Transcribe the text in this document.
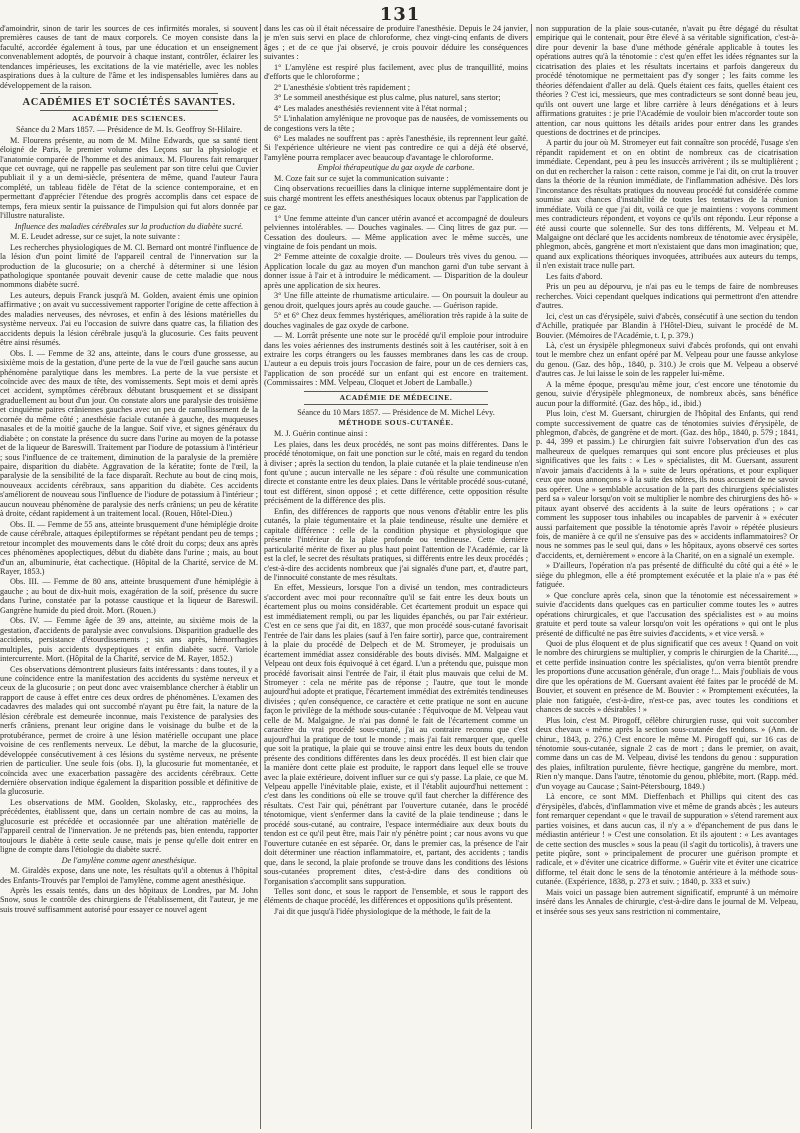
131

d'amoindrir, sinon de tarir les sources de ces infirmités morales, si souvent premières causes de tant de maux corporels. Ce moyen consiste dans la faculté, accordée également à tous, par une éducation et un enseignement convenablement adoptés, de pourvoir à chaque instant, contrôler, éclairer les tendances impérieuses, les excitations de la vie matérielle, avec les nobles aspirations dues à la culture de l'âme et les indispensables lumières dans au développement de la raison.

ACADÉMIES ET SOCIÉTÉS SAVANTES.
ACADÉMIE DES SCIENCES.

Séance du 2 Mars 1857. — Présidence de M. Is. Geoffroy St-Hilaire.

M. Flourens présente, au nom de M. Milne Edwards, que sa santé tient éloigné de Paris, le premier volume des Leçons sur la physiologie et l'anatomie comparée de l'homme et des animaux. M. Flourens fait remarquer que cet ouvrage, qui ne rappelle pas seulement par son titre celui que Cuvier publiait il y a un demi-siècle, présentera de même, quand l'auteur l'aura complété, un tableau fidèle de l'état de la science contemporaine, et en permettant d'apprécier l'étendue des progrès accomplis dans cet espace de temps, fera mieux sentir la puissance de l'impulsion qui fut alors donnée par l'illustre naturaliste.

Influence des maladies cérébrales sur la production du diabète sucré.

M. E. Leudet adresse, sur ce sujet, la note suivante :

Les recherches physiologiques de M. Cl. Bernard ont montré l'influence de la lésion d'un point limité de l'appareil central de l'innervation sur la production de la glucosurie; on a cherché à déterminer si une lésion pathologique spontanée pouvait devenir cause de cette maladie que nous nommons diabète sucré.

Les auteurs, depuis Franck jusqu'à M. Golden, avaient émis une opinion affirmative ; on avait vu successivement rapporter l'origine de cette affection à des maladies nerveuses, des névroses, et enfin à des lésions matérielles du système nerveux. J'ai eu l'occasion de suivre dans quatre cas, la filiation des accidents depuis la lésion cérébrale jusqu'à la glucosurie. Ces faits peuvent être ainsi résumés.

Obs. I. — Femme de 32 ans, atteinte, dans le cours d'une grossesse, au sixième mois de la gestation, d'une perte de la vue de l'œil gauche sans aucun phénomène paralytique dans les membres. La perte de la vue persiste et coïncide avec des maux de tête, des vomissements. Sept mois et demi après cet accident, symptômes cérébraux débutant brusquement et se dissipant graduellement au bout d'un jour. On constate alors une paralysie des troisième et cinquième paires crâniennes gauches avec un peu de ramollissement de la cornée du même côté ; anesthésie faciale cutanée à gauche, des muqueuses nasales et de la moitié gauche de la langue. Soif vive, et signes généraux du diabète ; on constate la présence du sucre dans l'urine au moyen de la potasse et de la liqueur de Bareswill. Traitement par l'iodure de potassium à l'intérieur ; sous l'influence de ce traitement, diminution de la paralysie de la première paire, disparition du diabète. Aggravation de la kératite; fonte de l'œil, la paralysie de la sensibilité de la face disparaît. Rechute au bout de cinq mois, nouveaux accidents cérébraux, sans apparition du diabète. Ces accidents s'améliorent de nouveau sous l'influence de l'iodure de potassium à l'intérieur ; aucun nouveau phénomène de paralysie des nerfs crâniens; un peu de kératite à droite, cédant rapidement à un traitement local. (Rouen, Hôtel-Dieu.)

Obs. II. — Femme de 55 ans, atteinte brusquement d'une hémiplégie droite de cause cérébrale, attaques épileptiformes se répétant pendant peu de temps ; retour incomplet des mouvements dans le côté droit du corps; deux ans après ces phénomènes apoplectiques, début du diabète dans l'urine ; mais, au bout d'un an, albuminurie, état cachectique. (Hôpital de la Charité, service de M. Rayer, 1853.)

Obs. III. — Femme de 80 ans, atteinte brusquement d'une hémiplégie à gauche ; au bout de dix-huit mois, exagération de la soif, présence du sucre dans l'urine, constatée par la potasse caustique et la liqueur de Bareswil. Gangrène humide du pied droit. Mort. (Rouen.)

Obs. IV. — Femme âgée de 39 ans, atteinte, au sixième mois de la gestation, d'accidents de paralysie avec convulsions. Disparition graduelle des accidents, persistance d'étourdissements ; six ans après, hémorrhagies multiples, puis accidents dyspeptiques et enfin diabète sucré. Variole intercurrente. Mort. (Hôpital de la Charité, service de M. Rayer, 1852.)

Ces observations démontrent plusieurs faits intéressants : dans toutes, il y a une coïncidence entre la manifestation des accidents du système nerveux et ceux de la glucosurie ; on peut donc avec vraisemblance chercher à établir un rapport de cause à effet entre ces deux ordres de phénomènes. L'examen des cadavres des malades qui ont succombé n'ayant pu être fait, la nature de la lésion cérébrale est demeurée inconnue, mais l'existence de paralysies des nerfs crâniens, prenant leur origine dans le voisinage du bulbe et de la protubérance, permet de croire à une lésion matérielle occupant une place voisine de ces renflements nerveux. Le début, la marche de la glucosurie, développée consécutivement à ces lésions du système nerveux, ne présente rien de particulier. Une seule fois (obs. I), la glucosurie fut momentanée, et coïncida avec une exacerbation passagère des accidents cérébraux. Cette dernière observation indique également la disparition possible et définitive de la glucosurie.

Les observations de MM. Goolden, Skolasky, etc., rapprochées des précédentes, établissent que, dans un certain nombre de cas au moins, la glucosurie est précédée et occasionnée par une altération matérielle de l'appareil central de l'innervation. Je ne prétends pas, bien entendu, rapporter toujours le diabète à cette seule cause, mais je pense qu'elle doit entrer en ligne de compte dans l'étiologie du diabète sucré.

De l'amylène comme agent anesthésique.

M. Giraldès expose, dans une note, les résultats qu'il a obtenus à l'hôpital des Enfants-Trouvés par l'emploi de l'amylène, comme agent anesthésique.

Après les essais tentés, dans un des hôpitaux de Londres, par M. John Snow, sous le contrôle des chirurgiens de l'établissement, dit l'auteur, je me suis trouvé suffisamment autorisé pour essayer ce nouvel agent

dans les cas où il était nécessaire de produire l'anesthésie. Depuis le 24 janvier, je m'en suis servi en place de chloroforme, chez vingt-cinq enfants de divers âges ; et de ce que j'ai observé, je crois pouvoir déduire les conséquences suivantes :

1° L'amylène est respiré plus facilement, avec plus de tranquillité, moins d'efforts que le chloroforme ;

2° L'anesthésie s'obtient très rapidement ;

3° Le sommeil anesthésique est plus calme, plus naturel, sans stertor;

4° Les malades anesthésiés reviennent vite à l'état normal ;

5° L'inhalation amylénique ne provoque pas de nausées, de vomissements ou de congestions vers la tête ;

6° Les malades ne souffrent pas : après l'anesthésie, ils reprennent leur gaîté. Si l'expérience ultérieure ne vient pas contredire ce qui a déjà été observé, l'amylène pourra remplacer avec beaucoup d'avantage le chloroforme.

Emploi thérapeutique du gaz oxyde de carbone.

M. Coze fait sur ce sujet la communication suivante :

Cinq observations recueillies dans la clinique interne supplémentaire dont je suis chargé montrent les effets anesthésiques locaux obtenus par l'application de ce gaz.

1° Une femme atteinte d'un cancer utérin avancé et accompagné de douleurs pelviennes intolérables. — Douches vaginales. — Cinq litres de gaz pur. — Cessation des douleurs. — Même application avec le même succès, une vingtaine de fois pendant un mois.

2° Femme atteinte de coxalgie droite. — Douleurs très vives du genou. — Application locale du gaz au moyen d'un manchon garni d'un tube servant à donner issue à l'air et à introduire le médicament. — Disparition de la douleur après une application de six heures.

3° Une fille atteinte de rhumatisme articulaire. — On poursuit la douleur au genou droit, quelques jours après au coude gauche. — Guérison rapide.

5° et 6° Chez deux femmes hystériques, amélioration très rapide à la suite de douches vaginales de gaz oxyde de carbone.

— M. Lorrât présente une note sur le procédé qu'il emploie pour introduire dans les voies aériennes des instruments destinés soit à les cautériser, soit à en extraire les corps étrangers ou les fausses membranes dans les cas de croup. L'auteur a eu depuis trois jours l'occasion de faire, pour un de ces derniers cas, l'application de son procédé sur un enfant qui est encore en traitement. (Commissaires : MM. Velpeau, Cloquet et Jobert de Lamballe.)

ACADÉMIE DE MÉDECINE.

Séance du 10 Mars 1857. — Présidence de M. Michel Lévy.

MÉTHODE SOUS-CUTANÉE.

M. J. Guérin continue ainsi :

Les plaies, dans les deux procédés, ne sont pas moins différentes. Dans le procédé ténotomique, on fait une ponction sur le côté, mais en regard du tendon à diviser ; après la section du tendon, la plaie cutanée et la plaie tendineuse n'en font qu'une ; aucun intervalle ne les sépare : d'où résulte une communication directe et constante entre les deux plaies. Dans le véritable procédé sous-cutané, tout est différent, sinon opposé ; et cette différence, cette opposition résulte précisément de la différence des plis.

Enfin, des différences de rapports que nous venons d'établir entre les plis cutanés, la plaie tégumentaire et la plaie tendineuse, résulte une dernière et capitale différence : celle de la condition physique et physiologique que présente l'intérieur de la plaie profonde ou tendineuse. Cette dernière particularité mérite de fixer au plus haut point l'attention de l'Académie, car là est la clef, le secret des résultats pratiques, si différents entre les deux procédés ; c'est-à-dire des accidents nombreux que j'ai signalés d'une part, et, d'autre part, de l'innocuité constante de mes résultats.

En effet, Messieurs, lorsque l'on a divisé un tendon, mes contradicteurs s'accordent avec moi pour reconnaître qu'il se fait entre les deux bouts un écartement plus ou moins considérable. Cet écartement produit un espace qui est immédiatement rempli, ou par les liquides épanchés, ou par l'air extérieur. C'est en ce sens que j'ai dit, en 1837, que mon procédé sous-cutané favorisait l'entrée de l'air dans les plaies (sauf à l'en faire sortir), parce que, contrairement à la plaie du procédé de Delpech et de M. Stromeyer, je produisais un écartement immédiat assez considérable des bouts divisés. MM. Malgaigne et Velpeau ont deux fois équivoqué à cet égard. L'un a prétendu que, puisque mon procédé favorisait ainsi l'entrée de l'air, il était plus mauvais que celui de M. Stromeyer : cela ne mérite pas de réponse ; l'autre, que tout le monde aujourd'hui adopte et pratique, l'écartement immédiat des extrémités tendineuses divisées ; qu'en conséquence, ce caractère et cette pratique ne sont en aucune façon le privilège de la méthode sous-cutanée : l'équivoque de M. Velpeau vaut celle de M. Malgaigne. Je n'ai pas donné le fait de l'écartement comme un caractère du vrai procédé sous-cutané, j'ai au contraire reconnu que c'est aujourd'hui la pratique de tout le monde ; mais j'ai fait remarquer que, quelle que soit la pratique, la plaie qui se trouve ainsi entre les deux bouts du tendon présente des conditions différentes dans les deux procédés. Il est bien clair que la manière dont cette plaie est produite, le rapport dans lequel elle se trouve avec la plaie extérieure, doivent influer sur ce qui s'y passe. La plaie, ce que M. Velpeau appelle l'inévitable plaie, existe, et il l'établit aujourd'hui nettement : c'est dans les conditions où elle se trouve qu'il faut chercher la différence des résultats. C'est l'air qui, pénétrant par l'ouverture cutanée, dans le procédé ténotomique, vient s'enfermer dans la cavité de la plaie tendineuse ; dans le procédé sous-cutané, au contraire, l'espace intermédiaire aux deux bouts du tendon est ce qu'il peut être, mais l'air n'y pénètre point ; car nous avons vu que l'ouverture cutanée en est séparée. Or, dans le premier cas, la présence de l'air doit déterminer une réaction inflammatoire, et, partant, des accidents ; tandis que, dans le second, la plaie profonde se trouve dans les conditions des lésions sous-cutanées proprement dites, c'est-à-dire dans des conditions où l'organisation s'accomplit sans suppuration.

Telles sont donc, et sous le rapport de l'ensemble, et sous le rapport des éléments de chaque procédé, les différences et oppositions qu'ils présentent.

J'ai dit que jusqu'à l'idée physiologique de la méthode, le fait de la

non suppuration de la plaie sous-cutanée, n'avait pu être dégagé du résultat empirique qui le contenait, pour être élevé à sa véritable signification, c'est-à-dire pour devenir la base d'une méthode générale applicable à toutes les opérations autres qu'à la ténotomie : c'est qu'en effet les idées régnantes sur la cicatrisation des plaies et les résultats incertains et parfois dangereux du procédé ténotomique ne permettaient pas d'y songer ; les faits comme les théories défendaient d'aller au delà. Quels étaient ces faits, quelles étaient ces théories ? C'est ici, messieurs, que mes contradicteurs se sont donné beau jeu, qu'ils ont ouvert une large et libre carrière à leurs dénégations et à leurs affirmations gratuites : je prie l'Académie de vouloir bien m'accorder toute son attention, car nous quittons les détails arides pour entrer dans les grandes questions de doctrines et de principes.

A partir du jour où M. Stromeyer eut fait connaître son procédé, l'usage s'en répandit rapidement et on en obtint de nombreux cas de cicatrisation immédiate. Cependant, peu à peu les insuccès arrivèrent ; ils se multiplièrent ; on dut en rechercher la raison : cette raison, comme je l'ai dit, on crut la trouver dans la théorie de la réunion immédiate, de l'inflammation adhésive. Dès lors l'inconstance des résultats pratiques du nouveau procédé fut considérée comme soumise aux chances d'instabilité de toutes les tentatives de la réunion immédiate. Voilà ce que j'ai dit, voilà ce que je maintiens : voyons comment mes contradicteurs répondent, et voyons ce qu'ils ont répondu. Leur réponse a été aussi courte que solennelle. Sur des tons différents, M. Velpeau et M. Malgaigne ont déclaré que les accidents nombreux de ténotomie avec érysipèle, phlegmon, abcès, gangrène et mort n'existaient que dans mon imagination; que, quand aux explications théoriques invoquées, attribuées aux auteurs du temps, il n'en existait trace nulle part.

Les faits d'abord.

Pris un peu au dépourvu, je n'ai pas eu le temps de faire de nombreuses recherches. Voici cependant quelques indications qui permettront d'en attendre d'autres.

Ici, c'est un cas d'érysipèle, suivi d'abcès, consécutif à une section du tendon d'Achille, pratiquée par Blandin à l'Hôtel-Dieu, suivant le procédé de M. Bouvier. (Mémoires de l'Académie, t. I, p. 379.)

Là, c'est un érysipèle phlegmoneux suivi d'abcès profonds, qui ont envahi tout le membre chez un enfant opéré par M. Velpeau pour une fausse ankylose du genou. (Gaz. des hôp., 1840, p. 310.) Je crois que M. Velpeau a observé d'autres cas. Je lui laisse le soin de les rappeler lui-même.

A la même époque, presqu'au même jour, c'est encore une ténotomie du genou, suivie d'érysipèle phlegmoneux, de nombreux abcès, sans bénéfice aucun pour la difformité. (Gaz. des hôp., id., ibid.)

Plus loin, c'est M. Guersant, chirurgien de l'hôpital des Enfants, qui rend compte successivement de quatre cas de ténotomies suivies d'érysipèle, de phlegmon, d'abcès, de gangrène et de mort. (Gaz. des hôp., 1840, p. 579 ; 1841, p. 44, 399 et passim.) Le chirurgien fait suivre l'observation d'un des cas malheureux de quelques remarques qui sont encore plus précieuses et plus significatives que les faits : « Les » spécialistes, dit M. Guersant, assurent n'avoir jamais d'accidents à la » suite de leurs opérations, et pour expliquer ceux que nous annonçons » à la suite des nôtres, ils nous accusent de ne savoir pas opérer. Une » semblable accusation de la part des chirurgiens spécialistes perd sa » valeur lorsqu'on voit se multiplier le nombre des chirurgiens des hô- » pitaux ayant observé des accidents à la suite de leurs opérations ; » car comment les supposer tous inhabiles ou incapables de parvenir à » exécuter aussi parfaitement que possible la ténotomie après l'avoir » répétée plusieurs fois, de manière à ce qu'il ne s'ensuive pas des » accidents inflammatoires? Or nous ne sommes pas le seul qui, dans » les hôpitaux, ayons observé ces sortes d'accidents, et, dernièrement » encore à la Charité, on en a signalé un exemple.

» D'ailleurs, l'opération n'a pas présenté de difficulté du côté qui a été » le siège du phlegmon, elle a été promptement exécutée et la plaie n'a » pas été fatiguée.

» Que conclure après cela, sinon que la ténotomie est nécessairement » suivie d'accidents dans quelques cas en particulier comme toutes les » autres opérations chirurgicales, et que l'accusation des spécialistes est » au moins gratuite et perd toute sa valeur lorsqu'on voit les opérations » qui ont le plus présenté de difficulté ne pas être suivies d'accidents, » et vice versâ. »

Quoi de plus éloquent et de plus significatif que ces aveux ! Quand on voit le nombre des chirurgiens se multiplier, y compris le chirurgien de la Charité...., et cette perfide insinuation contre les spécialistes, qu'on verra bientôt prendre les proportions d'une accusation générale, d'un orage !... Mais j'oubliais de vous dire que les opérations de M. Guersant avaient été faites par le procédé de M. Bouvier, et souvent en présence de M. Bouvier : « Promptement exécutées, la plaie non fatiguée, c'est-à-dire, n'est-ce pas, avec toutes les conditions et chances de succès » désirables ! »

Plus loin, c'est M. Pirogoff, célèbre chirurgien russe, qui voit succomber deux chevaux « mème après la section sous-cutanée des tendons. » (Ann. de chirur., 1843, p. 276.) C'est encore le même M. Pirogoff qui, sur 16 cas de ténotomie sous-cutanée, signale 2 cas de mort ; dans le premier, on avait, comme dans un cas de M. Velpeau, divisé les tendons du genou : suppuration des plaies, infiltration purulente, fièvre hectique, gangrène du membre, mort. Rien n'y manque. Dans l'autre, ténotomie du genou, phlébite, mort. (Rapp. méd. d'un voyage au Caucase ; Saint-Pétersbourg, 1849.)

Là encore, ce sont MM. Dieffenbach et Phillips qui citent des cas d'érysipèles, d'abcès, d'inflammation vive et même de grands abcès ; les auteurs font remarquer cependant « que le travail de suppuration » s'étend rarement aux parties voisines, et dans aucun cas, il n'y a » d'épanchement de pus dans le médiastin antérieur ! » C'est une consolation. Et ils ajoutent : « Les avantages de cette section des muscles » sous la peau (il s'agit du torticolis), à travers une petite piqûre, sont » principalement de procurer une guérison prompte et radicale, et » d'éviter une cicatrice difforme. » Guérir vite et éviter une cicatrice difforme, tel était donc le sens de la ténotomie antérieure à la méthode sous-cutanée. (Expérience, 1838, p. 273 et suiv. ; 1840, p. 333 et suiv.)

Mais voici un passage bien autrement significatif, emprunté à un mémoire inséré dans les Annales de chirurgie, c'est-à-dire dans le journal de M. Velpeau, et insérée sous ses yeux sans restriction ni commentaire,
